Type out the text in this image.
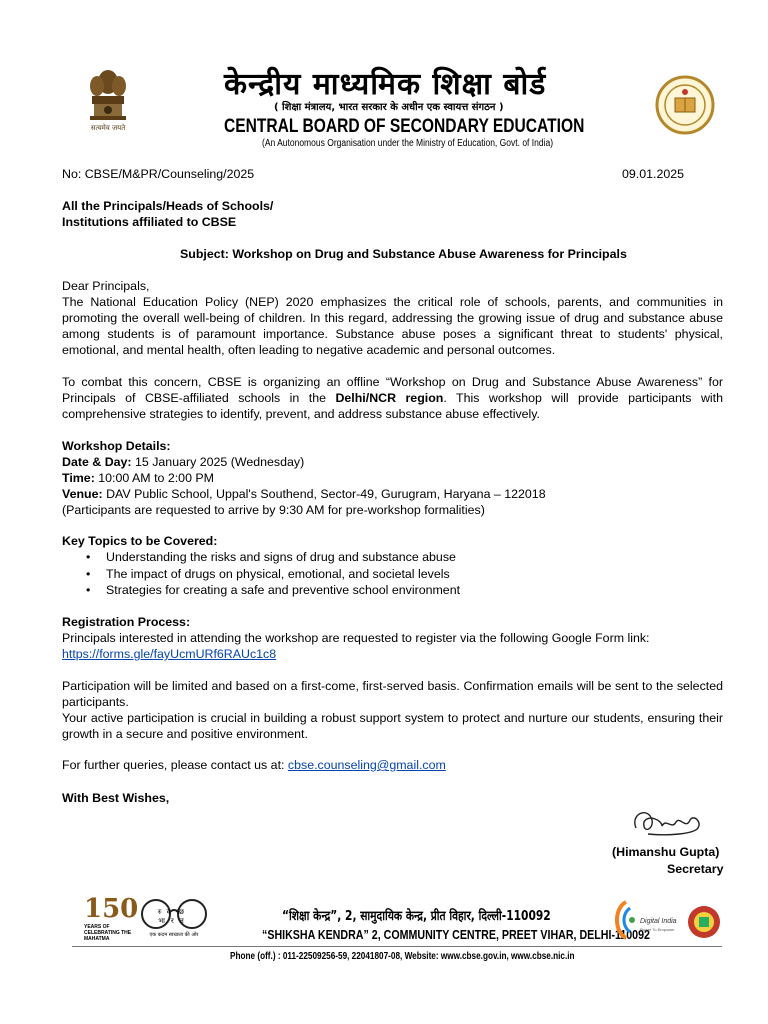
सत्यमेव जयते
केन्द्रीय माध्यमिक शिक्षा बोर्ड
( शिक्षा मंत्रालय, भारत सरकार के अधीन एक स्वायत्त संगठन )
CENTRAL BOARD OF SECONDARY EDUCATION
(An Autonomous Organisation under the Ministry of Education, Govt. of India)
No: CBSE/M&PR/Counseling/2025	09.01.2025
All the Principals/Heads of Schools/
Institutions affiliated to CBSE
Subject: Workshop on Drug and Substance Abuse Awareness for Principals
Dear Principals,
The National Education Policy (NEP) 2020 emphasizes the critical role of schools, parents, and communities in promoting the overall well-being of children. In this regard, addressing the growing issue of drug and substance abuse among students is of paramount importance. Substance abuse poses a significant threat to students' physical, emotional, and mental health, often leading to negative academic and personal outcomes.
To combat this concern, CBSE is organizing an offline “Workshop on Drug and Substance Abuse Awareness” for Principals of CBSE-affiliated schools in the Delhi/NCR region. This workshop will provide participants with comprehensive strategies to identify, prevent, and address substance abuse effectively.
Workshop Details:
Date & Day: 15 January 2025 (Wednesday)
Time: 10:00 AM to 2:00 PM
Venue: DAV Public School, Uppal's Southend, Sector-49, Gurugram, Haryana – 122018
(Participants are requested to arrive by 9:30 AM for pre-workshop formalities)
Key Topics to be Covered:
• Understanding the risks and signs of drug and substance abuse
• The impact of drugs on physical, emotional, and societal levels
• Strategies for creating a safe and preventive school environment
Registration Process:
Principals interested in attending the workshop are requested to register via the following Google Form link:
https://forms.gle/fayUcmURf6RAUc1c8
Participation will be limited and based on a first-come, first-served basis. Confirmation emails will be sent to the selected participants.
Your active participation is crucial in building a robust support system to protect and nurture our students, ensuring their growth in a secure and positive environment.
For further queries, please contact us at: cbse.counseling@gmail.com
With Best Wishes,
(Himanshu Gupta)
Secretary
150
YEARS OF CELEBRATING THE MAHATMA
स्वच्छ भारत
एक कदम स्वच्छता की ओर
“शिक्षा केन्द्र”, 2, सामुदायिक केन्द्र, प्रीत विहार, दिल्ली-110092
“SHIKSHA KENDRA” 2, COMMUNITY CENTRE, PREET VIHAR, DELHI-110092
Phone (off.) : 011-22509256-59, 22041807-08, Website: www.cbse.gov.in, www.cbse.nic.in
Digital India
Power To Empower
